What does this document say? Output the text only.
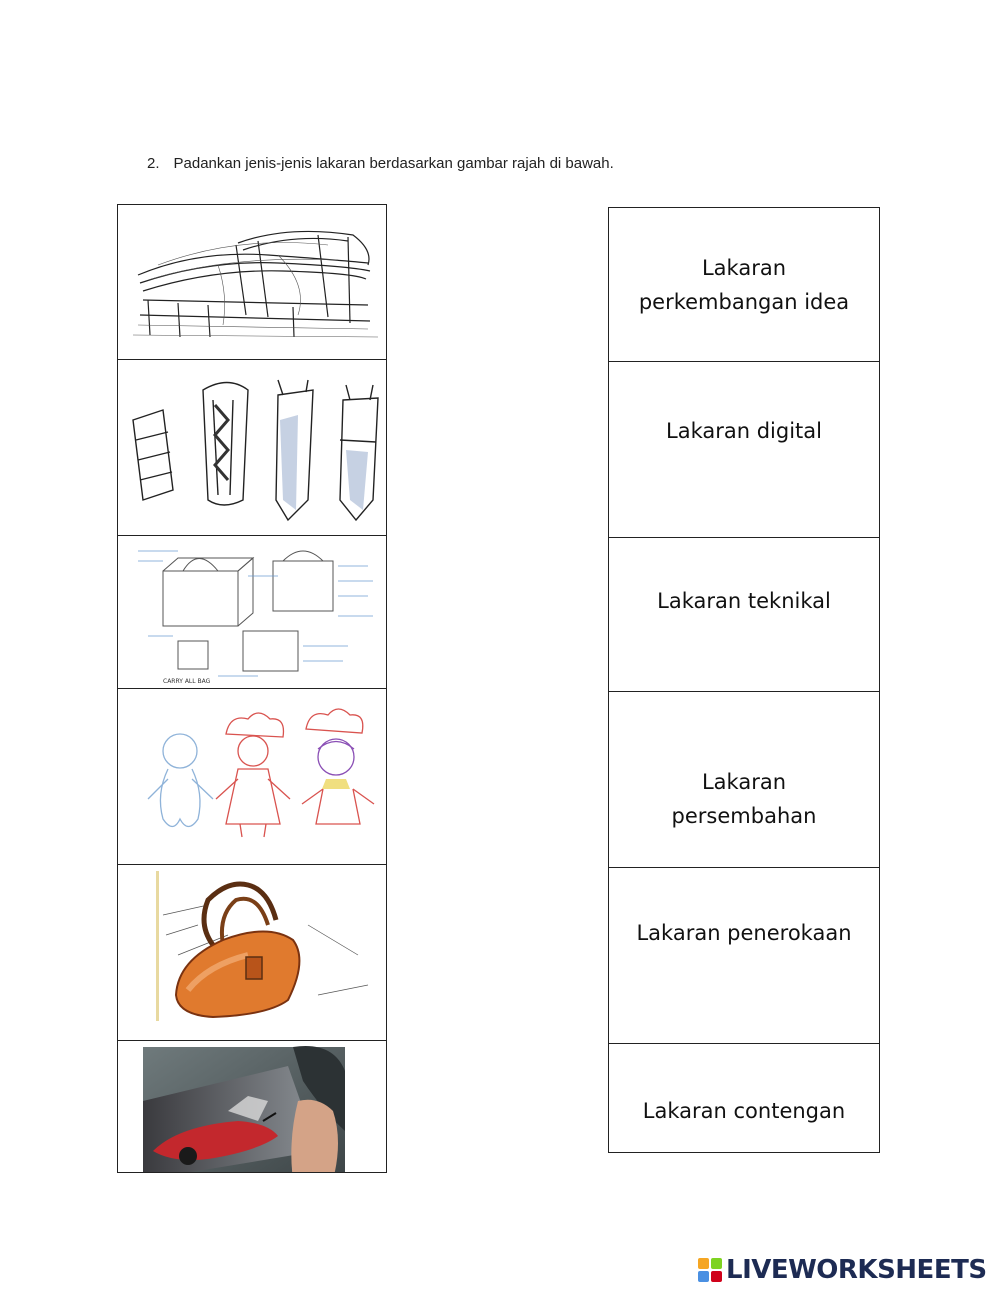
2. Padankan jenis-jenis lakaran berdasarkan gambar rajah di bawah.
CARRY ALL BAG
Lakaran
perkembangan idea
Lakaran digital
Lakaran teknikal
Lakaran
persembahan
Lakaran penerokaan
Lakaran contengan
LIVEWORKSHEETS
